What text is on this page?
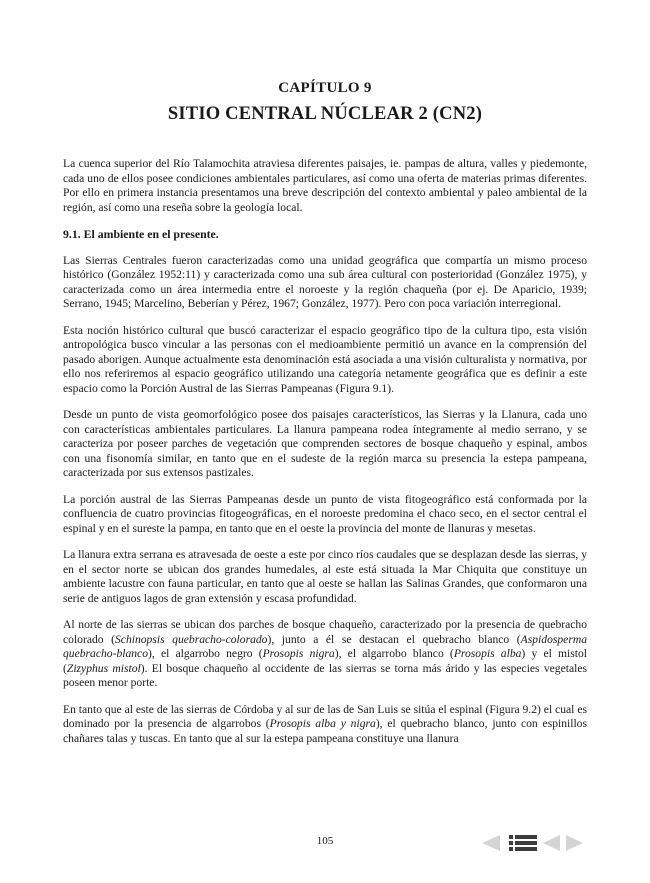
CAPÍTULO 9
SITIO CENTRAL NÚCLEAR 2 (CN2)

La cuenca superior del Río Talamochita atraviesa diferentes paisajes, ie. pampas de altura, valles y piedemonte, cada uno de ellos posee condiciones ambientales particulares, así como una oferta de materias primas diferentes. Por ello en primera instancia presentamos una breve descripción del contexto ambiental y paleo ambiental de la región, así como una reseña sobre la geología local.

9.1. El ambiente en el presente.

Las Sierras Centrales fueron caracterizadas como una unidad geográfica que compartía un mismo proceso histórico (González 1952:11) y caracterizada como una sub área cultural con posterioridad (González 1975), y caracterizada como un área intermedia entre el noroeste y la región chaqueña (por ej. De Aparicio, 1939; Serrano, 1945; Marcelino, Beberían y Pérez, 1967; González, 1977). Pero con poca variación interregional.

Esta noción histórico cultural que buscó caracterizar el espacio geográfico tipo de la cultura tipo, esta visión antropológica busco vincular a las personas con el medioambiente permitió un avance en la comprensión del pasado aborigen. Aunque actualmente esta denominación está asociada a una visión culturalista y normativa, por ello nos referiremos al espacio geográfico utilizando una categoría netamente geográfica que es definir a este espacio como la Porción Austral de las Sierras Pampeanas (Figura 9.1).

Desde un punto de vista geomorfológico posee dos paisajes característicos, las Sierras y la Llanura, cada uno con características ambientales particulares. La llanura pampeana rodea íntegramente al medio serrano, y se caracteriza por poseer parches de vegetación que comprenden sectores de bosque chaqueño y espinal, ambos con una fisonomía similar, en tanto que en el sudeste de la región marca su presencia la estepa pampeana, caracterizada por sus extensos pastizales.

La porción austral de las Sierras Pampeanas desde un punto de vista fitogeográfico está conformada por la confluencia de cuatro provincias fitogeográficas, en el noroeste predomina el chaco seco, en el sector central el espinal y en el sureste la pampa, en tanto que en el oeste la provincia del monte de llanuras y mesetas.

La llanura extra serrana es atravesada de oeste a este por cinco ríos caudales que se desplazan desde las sierras, y en el sector norte se ubican dos grandes humedales, al este está situada la Mar Chiquita que constituye un ambiente lacustre con fauna particular, en tanto que al oeste se hallan las Salinas Grandes, que conformaron una serie de antiguos lagos de gran extensión y escasa profundidad.

Al norte de las sierras se ubican dos parches de bosque chaqueño, caracterizado por la presencia de quebracho colorado (Schinopsis quebracho-colorado), junto a él se destacan el quebracho blanco (Aspidosperma quebracho-blanco), el algarrobo negro (Prosopis nigra), el algarrobo blanco (Prosopis alba) y el mistol (Zizyphus mistol). El bosque chaqueño al occidente de las sierras se torna más árido y las especies vegetales poseen menor porte.

En tanto que al este de las sierras de Córdoba y al sur de las de San Luis se sitúa el espinal (Figura 9.2) el cual es dominado por la presencia de algarrobos (Prosopis alba y nigra), el quebracho blanco, junto con espinillos chañares talas y tuscas. En tanto que al sur la estepa pampeana constituye una llanura

105
